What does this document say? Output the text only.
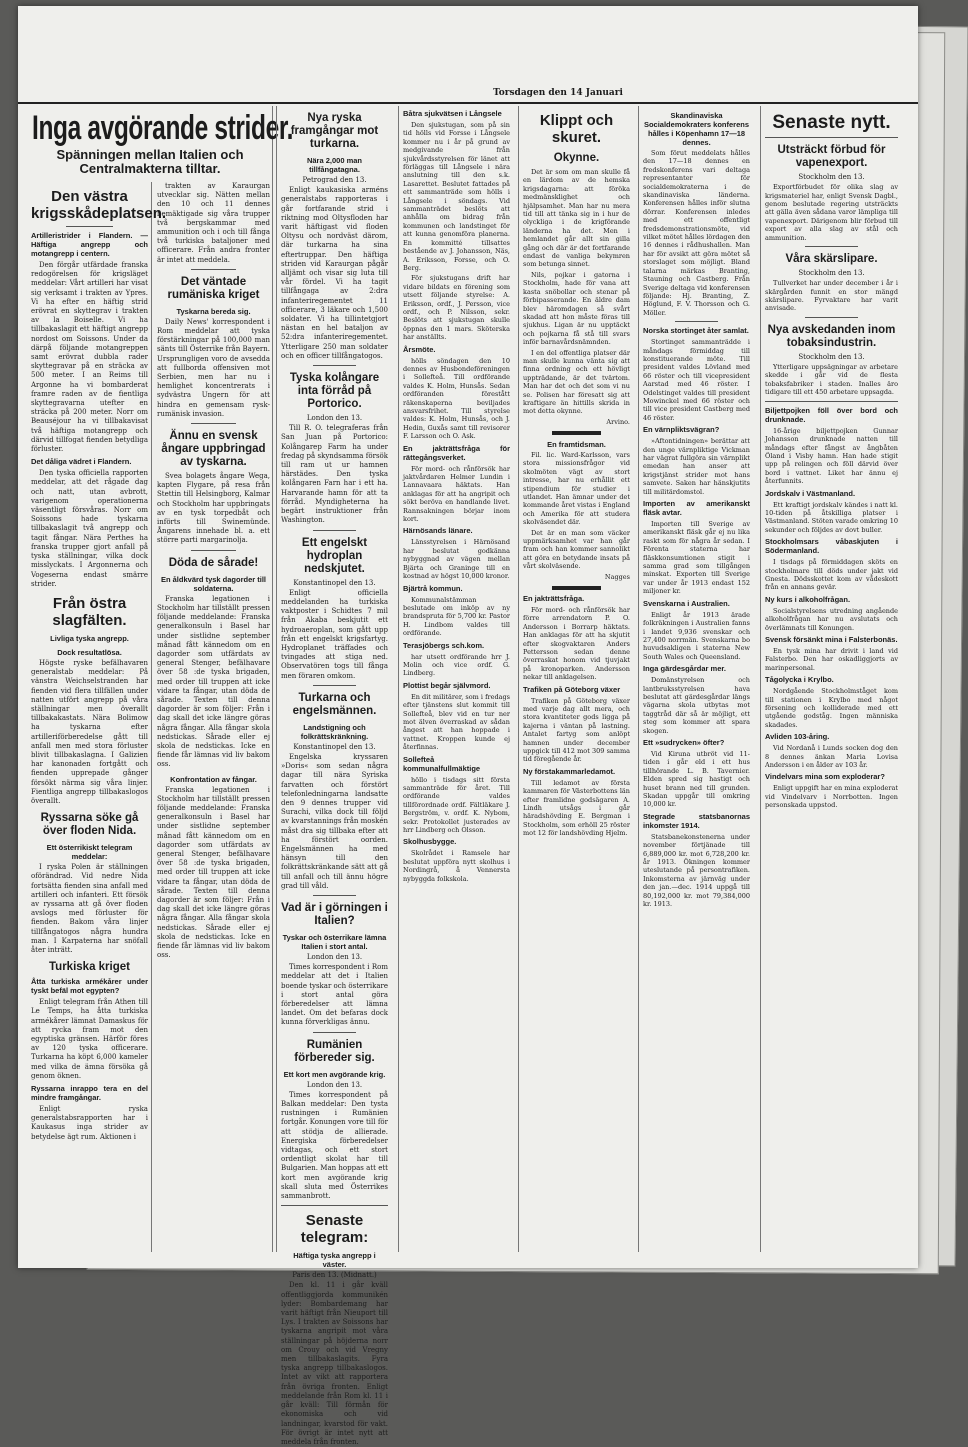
Torsdagen den 14 Januari
Inga avgörande strider.
Spänningen mellan Italien och Centralmakterna tilltar.
Den västra krigsskådeplatsen.
Artilleristrider i Flandern. — Häftiga angrepp och motangrepp i centern.

Den förgår utfärdade franska redogörelsen för krigsläget meddelar: Vårt artilleri har visat sig verksamt i trakten av Ypres. Vi ha efter en häftig strid erövrat en skyttegrav i trakten av la Boiselle. Vi ha tillbakaslagit ett häftigt angrepp nordost om Soissons. Under da därpå följande motangreppen samt erövrat dubbla rader skyttegravar på en sträcka av 500 meter. I an Reims till Argonne ha vi bombarderat framre raden av de fientliga skyttegravarna utefter en sträcka på 200 meter. Norr om Beauséjour ha vi tillbakavisat två häftiga motangrepp och därvid tillfogat fienden betydliga förluster.

Det dåliga vädret i Flandern.

Den tyska officiella rapporten meddelar, att det rågade dag och natt, utan avbrott, varigenom operationerna väsentligt försvåras. Norr om Soissons hade tyskarna tillbakaslagit två angrepp och tagit fångar. Nära Perthes ha franska trupper gjort anfall på tyska ställningar, vilka dock misslyckats. I Argonnerna och Vogeserna endast smärre strider.

Från östra slagfälten.
Livliga tyska angrepp.
Dock resultatlösa.

Högste ryske befälhavaren generalstab meddelar: På vänstra Weichselstranden har fienden vid flera tillfällen under natten utfört angrepp på våra ställningar men överallt tillbakakastats. Nära Bolimow ha tyskarna efter artilleriförberedelse gått till anfall men med stora förluster blivit tillbakaslagna. I Galizien har kanonaden fortgått och fienden upprepade gånger försökt närma sig våra linjer. Fientliga angrepp tillbakaslogos överallt.

Ryssarna söke gå över floden Nida.
Ett österrikiskt telegram meddelar:

I ryska Polen är ställningen oförändrad. Vid nedre Nida fortsätta fienden sina anfall med artilleri och infanteri. Ett försök av ryssarna att gå över floden avslogs med förluster för fienden. Bakom våra linjer tillfångatogos några hundra man. I Karpaterna har snöfall åter inträtt.

Turkiska kriget
Åtta turkiska armékårer under tyskt befäl mot egypten?

Enligt telegram från Athen till Le Temps, ha åtta turkiska armékårer lämnat Damaskus för att rycka fram mot den egyptiska gränsen. Härför föres av 120 tyska officerare. Turkarna ha köpt 6,000 kameler med vilka de ämna försöka gå genom öknen.

Ryssarna inrappo tera en del mindre framgångar.

Enligt ryska generalstabsrapporten har i Kaukasus inga strider av betydelse ägt rum. Aktionen i

trakten av Karaurgan utvecklar sig. Nätten mellan den 10 och 11 dennes bemäktigade sig våra trupper två bergskammar med ammunition och i och till fånga två turkiska bataljoner med officerare. Från andra fronter är intet att meddela.

Det väntade rumäniska kriget
Tyskarna bereda sig.

Daily News' korrespondent i Rom meddelar att tyska förstärkningar på 100,000 man sänts till Österrike från Bayern. Ursprungligen voro de avsedda att fullborda offensiven mot Serbien, men har nu i hemlighet koncentrerats i sydvästra Ungern för att hindra en gemensam rysk-rumänisk invasion.

Ännu en svensk ångare uppbringad av tyskarna.

Svea bolagets ångare Wega, kapten Flygare, på resa från Stettin till Helsingborg, Kalmar och Stockholm har uppbringats av en tysk torpedbåt och införts till Swinemünde. Ångarens innehade bl. a. ett större parti margarinolja.

Döda de sårade!
En åldkvärd tysk dagorder till soldaterna.

Franska legationen i Stockholm har tillställt pressen följande meddelande: Franska generalkonsuln i Basel har under sistlidne september månad fått kännedom om en dagorder som utfärdats av general Stenger, befälhavare över 58 :de tyska brigaden, med order till truppen att icke vidare ta fångar, utan döda de sårade. Texten till denna dagorder är som följer: Från i dag skall det icke längre göras några fångar. Alla fångar skola nedstickas. Sårade eller ej skola de nedstickas. Icke en fiende får lämnas vid liv bakom oss.

Konfrontation av fångar.

Franska legationen i Stockholm har tillställt pressen följande meddelande: Franska generalkonsuln i Basel har under sistlidne september månad fått kännedom om en dagorder som utfärdats av general Stenger, befälhavare över 58 :de tyska brigaden, med order till truppen att icke vidare ta fångar, utan döda de sårade. Texten till denna dagorder är som följer: Från i dag skall det icke längre göras några fångar. Alla fångar skola nedstickas. Sårade eller ej skola de nedstickas. Icke en fiende får lämnas vid liv bakom oss.

Nya ryska framgångar mot turkarna.
Nära 2,000 man tillfångatagna.
Petrograd den 13.

Enligt kaukasiska arméns generalstabs rapporteras i går fortfarande strid i riktning mod Oltysfloden har varit häftigast vid floden Oltysu och nordväst därom, där turkarna ha sina eftertruppar. Den häftiga striden vid Karaurgan pågår alljämt och visar sig luta till vår fördel. Vi ha tagit tillfångaga av 2:dra infanteriregementet 11 officerare, 3 läkare och 1,500 soldater. Vi ha tillintetgjort nästan en hel bataljon av 52:dra infanteriregementet. Ytterligare 250 man soldater och en officer tillfångatogos.

Tyska kolångare inta förråd på Portorico.
London den 13.

Till R. O. telegraferas från San Juan på Portorico: Kolångarep Farm ha under fredag på skyndsamma försök till ram ut ur hamnen härstädes. Den tyska kolångaren Farn har i ett ha. Harvarande hamn för att ta förråd. Myndigheterna ha begärt instruktioner från Washington.

Ett engelskt hydroplan nedskjutet.
Konstantinopel den 13.

Enligt officiella meddelanden ha turkiska vaktposter i Schidtes 7 mil från Akaba beskjutit ett hydroaeroplan, som gått upp från ett engelskt krigsfartyg. Hydroplanet träffades och tvingades att stiga ned. Observatören togs till fånga men föraren omkom.

Turkarna och engelsmännen.
Landstigning och folkrättskränkning.
Konstantinopel den 13.

Engelska kryssaren »Doris« som sedan några dagar till nära Syriska farvatten och förstört telefonledningarna landsatte den 9 dennes trupper vid Surachi, vilka dock till följd av kvarstannings från moskén måst dra sig tillbaka efter att ha förstört oorden. Engelsmännen ha med hänsyn till den folkrättskränkande sätt att gå till anfall och till ännu högre grad till våld.

Vad är i görningen i Italien?
Tyskar och österrikare lämna Italien i stort antal.
London den 13.

Times korrespondent i Rom meddelar att det i Italien boende tyskar och österrikare i stort antal göra förberedelser att lämna landet. Om det befaras dock kunna förverkligas ännu.

Rumänien förbereder sig.
Ett kort men avgörande krig.
London den 13.

Times korrespondent på Balkan meddelar: Den tysta rustningen i Rumänien fortgår. Konungen vore till för att stödja de allierade. Energiska förberedelser vidtagas, och ett stort ordentligt skolat har till Bulgarien. Man hoppas att ett kort men avgörande krig skall sluta med Österrikes sammanbrott.

Senaste telegram:
Häftiga tyska angrepp i väster.
Paris den 13. (Midnatt.)

Den kl. 11 i går kväll offentliggjorda kommunikén lyder: Bombardemang har varit häftigt från Nieuport till Lys. I trakten av Soissons har tyskarna angripit mot våra ställningar på höjderna norr om Crouy och vid Vregny men tillbakaslagits. Fyra tyska angrepp tillbakaslogos. Intet av vikt att rapportera från övriga fronten. Enligt meddelande från Rom kl. 11 i går kväll: Till förmån för ekonomiska och vid landningar, kvarstod för vakt. För övrigt är intet nytt att meddela från fronten.

Båtra sjukvätsen i Långsele

Den sjukstugan, som på sin tid hölls vid Forsse i Långsele kommer nu i år på grund av medgivande från sjukvårdsstyrelsen för länet att förläggas till Långsele i nära anslutning till den s.k. Lasarettet. Beslutet fattades på ett sammanträde som hölls i Långsele i söndags. Vid sammanträdet beslöts att anhålla om bidrag från kommunen och landstinget för att kunna genomföra planerna. En kommitté tillsattes bestående av J. Johansson, Näs, A. Eriksson, Forsse, och O. Berg.

För sjukstugans drift har vidare bildats en förening som utsett följande styrelse: A. Eriksson, ordf., J. Persson, vice ordf., och P. Nilsson, sekr. Beslöts att sjukstugan skulle öppnas den 1 mars. Sköterska har anställts.

Årsmöte.

hölls söndagen den 10 dennes av Husbondeföreningen i Sollefteå. Till ordförande valdes K. Holm, Hunsås. Sedan ordföranden förestått räkenskaperna beviljades ansvarsfrihet. Till styrelse valdes: K. Holm, Hunsås, och J. Hedin, Guxås samt till revisorer F. Larsson och O. Ask.

En jakträttsfråga för rättegångsverket.

För mord- och rånförsök har jaktvårdaren Helmer Lundin i Lannavaara häktats. Han anklagas för att ha angripit och sökt beröva en handlande livet. Rannsakningen börjar inom kort.

Härnösands länare.

Länsstyrelsen i Härnösand har beslutat godkänna nybyggnad av vägen mellan Bjärta och Graninge till en kostnad av högst 10,000 kronor.

Bjärtrå kommun.

Kommunalstämman beslutade om inköp av ny brandspruta för 5,700 kr. Pastor H. Lindbom valdes till ordförande.

Terasjöbergs sch.kom.

har utsett ordförande hrr J. Molin och vice ordf. G. Lindberg.

Plottist begår självmord.

En dit militärer, som i fredags efter tjänstens slut kommit till Sollefteå, blev vid en tur ner mot älven överraskad av sådan ångest att han hoppade i vattnet. Kroppen kunde ej återfinnas.

Sollefteå kommunalfullmäktige

höllo i tisdags sitt första sammanträde för året. Till ordförande valdes tillförordnade ordf. Fältläkare J. Bergström, v. ordf. K. Nybom, sekr. Protokollet justerades av hrr Lindberg och Olsson.

Skolhusbygge.

Skolrådet i Ramsele har beslutat uppföra nytt skolhus i Nordingrå, å Vennersta nybyggda folkskola.

Klippt och skuret.
Okynne.

Det är som om man skulle få en lärdom av de hemska krigsdagarna: att föröka medmänsklighet och hjälpsamhet. Man har nu mera tid till att tänka sig in i hur de olyckliga i de krigförande länderna ha det. Men i hemlandet går allt sin gilla gång och där är det fortfarande endast de vanliga bekymren som betunga sinnet.

Nils, pojkar i gatorna i Stockholm, hade för vana att kasta snöbollar och stenar på förbipasserande. En äldre dam blev häromdagen så svårt skadad att hon måste föras till sjukhus. Ligan är nu upptäckt och pojkarna få stå till svars inför barnavårdsnämnden.

I en del offentliga platser där man skulle kunna vänta sig att finna ordning och ett hövligt uppträdande, är det tvärtom. Man har det och det som vi nu se. Polisen har föresatt sig att kraftigare än hittills skrida in mot detta okynne.

Arvino.
En framtidsman.

Fil. lic. Ward-Karlsson, vars stora missionsfrågor vid skolmöten vägt av stort intresse, har nu erhållit ett stipendium för studier i utlandet. Han ämnar under det kommande året vistas i England och Amerika för att studera skolväsendet där.

Det är en man som väcker uppmärksamhet var han går fram och han kommer sannolikt att göra en betydande insats på vårt skolväsende.

Nagges
En jakträttsfråga.

För mord- och rånförsök har förre arrendatorn P. O. Andersson i Borrarp häktats. Han anklagas för att ha skjutit efter skogvaktaren Anders Pettersson sedan denne överraskat honom vid tjuvjakt på kronoparken. Andersson nekar till anklagelsen.

Trafiken på Göteborg växer

Trafiken på Göteborg växer med varje dag allt mera, och stora kvantiteter gods ligga på kajerna i väntan på lastning. Antalet fartyg som anlöpt hamnen under december uppgick till 412 mot 309 samma tid föregående år.

Ny förstakammarledamot.

Till ledamot av första kammaren för Västerbottens län efter framlidne godsägaren A. Lindh utsågs i går häradshövding E. Bergman i Stockholm, som erhöll 25 röster mot 12 för landshövding Hjelm.

Skandinaviska Socialdemokraters konferens hålles i Köpenhamn 17—18 dennes.

Som förut meddelats hålles den 17—18 dennes en fredskonferens vari deltaga representanter för socialdemokraterna i de skandinaviska länderna. Konferensen hålles inför slutna dörrar. Konferensen inledes med ett offentligt fredsdemonstrationsmöte, vid vilket mötet hålles lördagen den 16 dennes i rådhushallen. Man har för avsikt att göra mötet så storslaget som möjligt. Bland talarna märkas Branting, Stauning och Castberg. Från Sverige deltaga vid konferensen följande: Hj. Branting, Z. Höglund, F. V. Thorsson och G. Möller.

Norska stortinget åter samlat.

Stortinget sammanträdde i måndags förmiddag till konstituerande möte. Till president valdes Lövland med 66 röster och till vicepresident Aarstad med 46 röster. I Odelstinget valdes till president Mowinckel med 66 röster och till vice president Castberg med 46 röster.

En värnpliktsvägran?

»Aftontidningen» berättar att den unge värnpliktige Vickman har vägrat fullgöra sin värnplikt emedan han anser att krigstjänst strider mot hans samvete. Saken har hänskjutits till militärdomstol.

Importen av amerikanskt fläsk avtar.

Importen till Sverige av amerikanskt fläsk går ej nu lika raskt som för några år sedan. I Förenta staterna har fläskkonsumtionen stigit i samma grad som tillgången minskat. Exporten till Sverige var under år 1913 endast 152 miljoner kr.

Svenskarna i Australien.

Enligt år 1913 ärade folkräkningen i Australien fanns i landet 9,936 svenskar och 27,400 norrmän. Svenskarna bo huvudsakligen i staterna New South Wales och Queensland.

Inga gärdesgårdar mer.

Domänstyrelsen och lantbruksstyrelsen hava beslutat att gärdesgårdar längs vägarna skola utbytas mot taggtråd där så är möjligt, ett steg som kommer att spara skogen.

Ett »sudrycken» öfter?

Vid Kiruna utbröt vid 11-tiden i går eld i ett hus tillhörande L. B. Tavernier. Elden spred sig hastigt och huset brann ned till grunden. Skadan uppgår till omkring 10,000 kr.

Stegrade statsbanornas inkomster 1914.

Statsbanekonstenerna under november förtjänade till 6,889,000 kr. mot 6,728,200 kr. år 1913. Ökningen kommer uteslutande på persontrafiken. Inkomsterna av järnväg under den jan.—dec. 1914 uppgå till 80,192,000 kr. mot 79,384,000 kr. 1913.

Senaste nytt.
Utsträckt förbud för vapenexport.
Stockholm den 13.

Exportförbudet för olika slag av krigsmateriel har, enligt Svensk Dagbl., genom beslutade regering utsträckts att gälla även sådana varor lämpliga till vapenexport. Därigenom blir förbud till export av alla slag av stål och ammunition.

Våra skärslipare.
Stockholm den 13.

Tullverket har under december i år i skärgården funnit en stor mängd skärslipare. Fyrvaktare har varit anvisade.

Nya avskedanden inom tobaksindustrin.
Stockholm den 13.

Ytterligare uppsägningar av arbetare skedde i går vid de flesta tobaksfabriker i staden. Inalles äro tidigare till ett 450 arbetare uppsagda.

Biljettpojken föll över bord och drunknade.

16-årige biljettpojken Gunnar Johansson drunknade natten till måndags efter fångst av ångbåten Öland i Visby hamn. Han hade stigit upp på relingen och föll därvid över bord i vattnet. Liket har ännu ej återfunnits.

Jordskalv i Västmanland.

Ett kraftigt jordskalv kändes i natt kl. 10-tiden på åtskilliga platser i Västmanland. Stöten varade omkring 10 sekunder och följdes av dovt buller.

Stockholmsars våbaskjuten i Södermanland.

I tisdags på förmiddagen sköts en stockholmare till döds under jakt vid Gnesta. Dödsskottet kom av vådeskott från en annans gevär.

Ny kurs i alkoholfrågan.

Socialstyrelsens utredning angående alkoholfrågan har nu avslutats och överlämnats till Konungen.

Svensk försänkt mina i Falsterbonäs.

En tysk mina har drivit i land vid Falsterbo. Den har oskadliggjorts av marinpersonal.

Tågolycka i Krylbo.

Nordgående Stockholmståget kom till stationen i Krylbo med något försening och kolliderade med ett utgående godståg. Ingen människa skadades.

Avliden 103-åring.

Vid Nordanå i Lunds socken dog den 8 dennes änkan Maria Lovisa Andersson i en ålder av 103 år.

Vindelvars mina som exploderar?

Enligt uppgift har en mina exploderat vid Vindelvarv i Norrbotten. Ingen personskada uppstod.
